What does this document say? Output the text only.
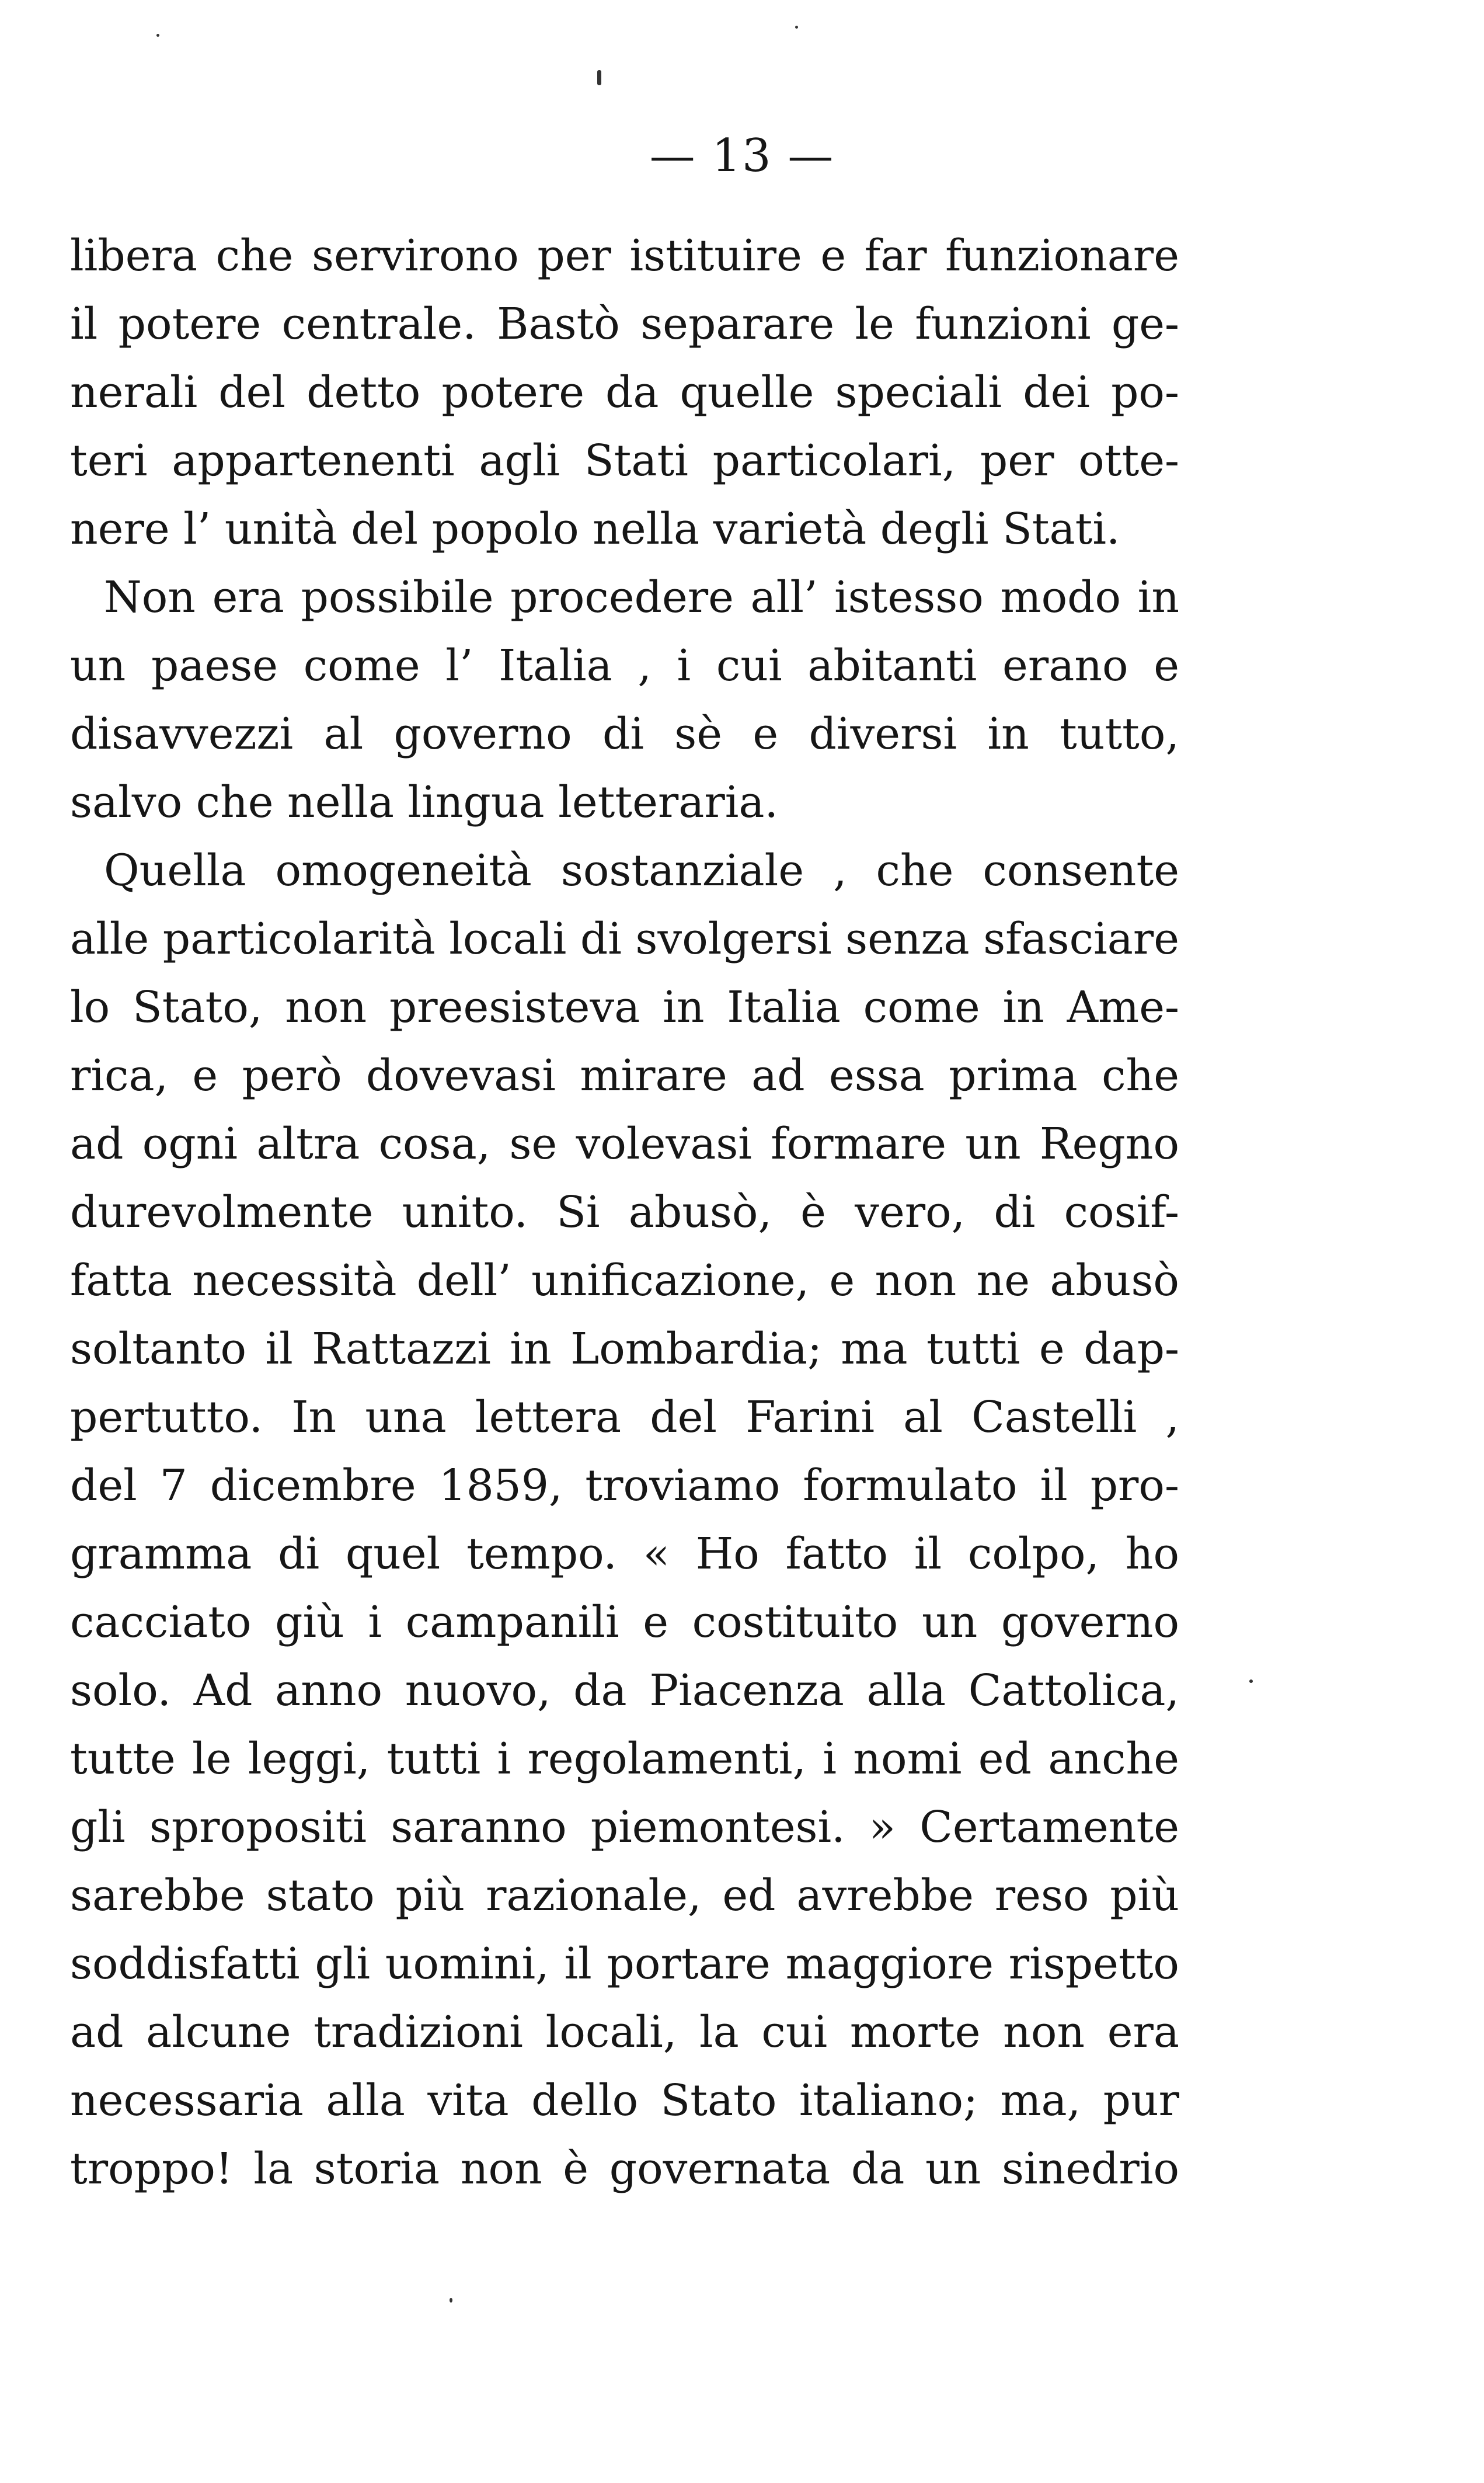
— 13 —
libera che servirono per istituire e far funzionare
il potere centrale. Bastò separare le funzioni ge-
nerali del detto potere da quelle speciali dei po-
teri appartenenti agli Stati particolari, per otte-
nere l’ unità del popolo nella varietà degli Stati.
Non era possibile procedere all’ istesso modo in
un paese come l’ Italia , i cui abitanti erano e
disavvezzi al governo di sè e diversi in tutto,
salvo che nella lingua letteraria.
Quella omogeneità sostanziale , che consente
alle particolarità locali di svolgersi senza sfasciare
lo Stato, non preesisteva in Italia come in Ame-
rica, e però dovevasi mirare ad essa prima che
ad ogni altra cosa, se volevasi formare un Regno
durevolmente unito. Si abusò, è vero, di cosif-
fatta necessità dell’ unificazione, e non ne abusò
soltanto il Rattazzi in Lombardia; ma tutti e dap-
pertutto. In una lettera del Farini al Castelli ,
del 7 dicembre 1859, troviamo formulato il pro-
gramma di quel tempo. « Ho fatto il colpo, ho
cacciato giù i campanili e costituito un governo
solo. Ad anno nuovo, da Piacenza alla Cattolica,
tutte le leggi, tutti i regolamenti, i nomi ed anche
gli spropositi saranno piemontesi. » Certamente
sarebbe stato più razionale, ed avrebbe reso più
soddisfatti gli uomini, il portare maggiore rispetto
ad alcune tradizioni locali, la cui morte non era
necessaria alla vita dello Stato italiano; ma, pur
troppo! la storia non è governata da un sinedrio
